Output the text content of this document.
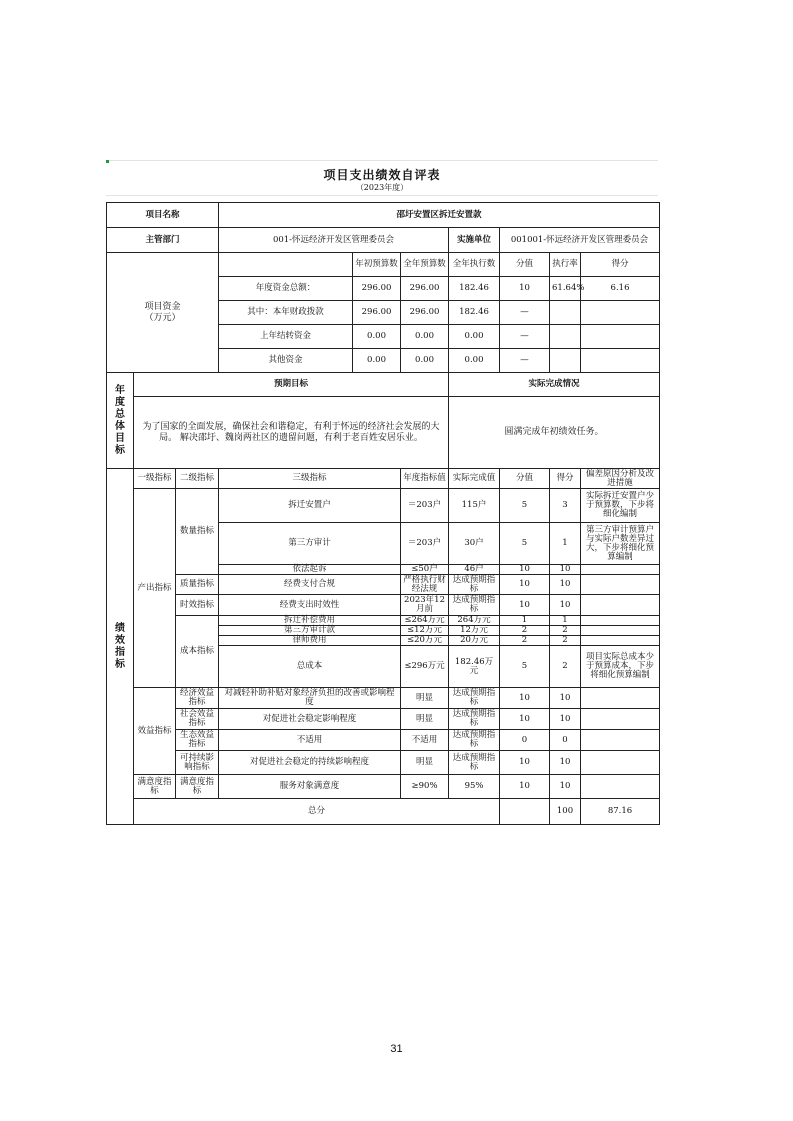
项目支出绩效自评表
（2023年度）
项目名称			邵圩安置区拆迁安置款							
主管部门			001-怀远经济开发区管理委员会			实施单位	001001-怀远经济开发区管理委员会			
项目资金
（万元）				年初预算数	全年预算数	全年执行数	分值	执行率	得分	
			年度资金总额：	296.00	296.00	182.46	10	61.64%	6.16	
			其中：本年财政拨款	296.00	296.00	182.46	—			
			上年结转资金	0.00	0.00	0.00	—			
			其他资金	0.00	0.00	0.00	—			
年度总体目标	预期目标					实际完成情况				
	为了国家的全面发展，确保社会和谐稳定，有利于怀远的经济社会发展的大局。 解决邵圩、魏岗两社区的遗留问题，有利于老百姓安居乐业。					圆满完成年初绩效任务。				

绩效指标	一级指标	二级指标	三级指标		年度指标值	实际完成值	分值	得分	偏差原因分析及改进措施	
	产出指标	数量指标	拆迁安置户		＝203户	115户	5	3	实际拆迁安置户少于预算数，下步将细化编制	
			第三方审计		＝203户	30户	5	1	第三方审计预算户与实际户数差异过大，下步将细化预算编制	
			依法起诉		≤50户	46户	10	10		
		质量指标	经费支付合规		严格执行财经法规	达成预期指标	10	10		
		时效指标	经费支出时效性		2023年12月前	达成预期指标	10	10		
		成本指标	拆迁补偿费用		≤264万元	264万元	1	1		
			第三方审计款		≤12万元	12万元	2	2		
			律师费用		≤20万元	20万元	2	2		
			总成本		≤296万元	182.46万元	5	2	项目实际总成本少于预算成本，下步将细化预算编制	
	效益指标	经济效益指标	对减轻补助补贴对象经济负担的改善或影响程度		明显	达成预期指标	10	10		
		社会效益指标	对促进社会稳定影响程度		明显	达成预期指标	10	10		
		生态效益指标	不适用		不适用	达成预期指标	0	0		
		可持续影响指标	对促进社会稳定的持续影响程度		明显	达成预期指标	10	10		
	满意度指标	满意度指标	服务对象满意度		≥90%	95%	10	10		
	总分							100	87.16	
31
